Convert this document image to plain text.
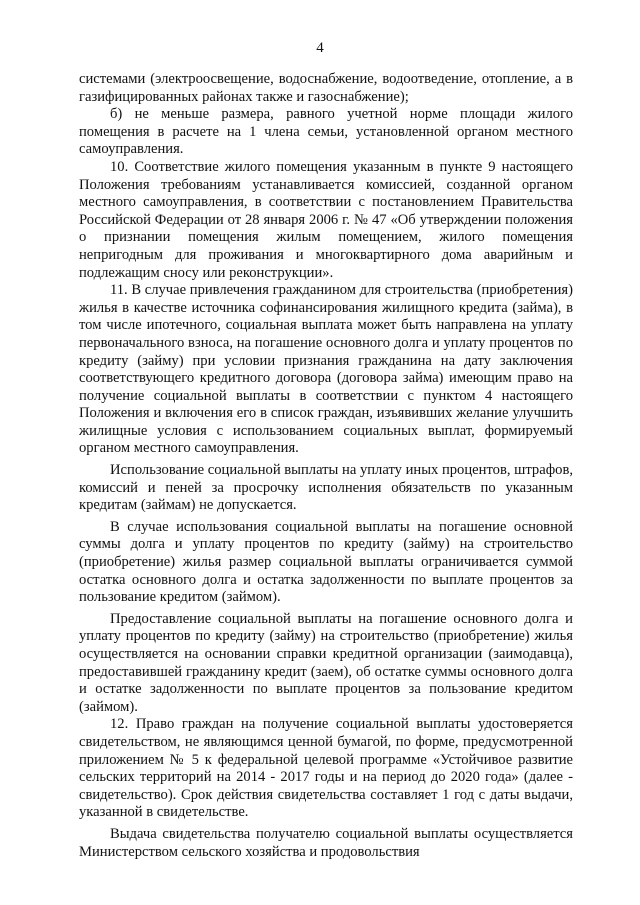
4

системами (электроосвещение, водоснабжение, водоотведение, отопление, а в газифицированных районах также и газоснабжение);

б) не меньше размера, равного учетной норме площади жилого помещения в расчете на 1 члена семьи, установленной органом местного самоуправления.

10. Соответствие жилого помещения указанным в пункте 9 настоящего Положения требованиям устанавливается комиссией, созданной органом местного самоуправления, в соответствии с постановлением Правительства Российской Федерации от 28 января 2006 г. № 47 «Об утверждении положения о признании помещения жилым помещением, жилого помещения непригодным для проживания и многоквартирного дома аварийным и подлежащим сносу или реконструкции».

11. В случае привлечения гражданином для строительства (приобретения) жилья в качестве источника софинансирования жилищного кредита (займа), в том числе ипотечного, социальная выплата может быть направлена на уплату первоначального взноса, на погашение основного долга и уплату процентов по кредиту (займу) при условии признания гражданина на дату заключения соответствующего кредитного договора (договора займа) имеющим право на получение социальной выплаты в соответствии с пунктом 4 настоящего Положения и включения его в список граждан, изъявивших желание улучшить жилищные условия с использованием социальных выплат, формируемый органом местного самоуправления.

Использование социальной выплаты на уплату иных процентов, штрафов, комиссий и пеней за просрочку исполнения обязательств по указанным кредитам (займам) не допускается.

В случае использования социальной выплаты на погашение основной суммы долга и уплату процентов по кредиту (займу) на строительство (приобретение) жилья размер социальной выплаты ограничивается суммой остатка основного долга и остатка задолженности по выплате процентов за пользование кредитом (займом).

Предоставление социальной выплаты на погашение основного долга и уплату процентов по кредиту (займу) на строительство (приобретение) жилья осуществляется на основании справки кредитной организации (заимодавца), предоставившей гражданину кредит (заем), об остатке суммы основного долга и остатке задолженности по выплате процентов за пользование кредитом (займом).

12. Право граждан на получение социальной выплаты удостоверяется свидетельством, не являющимся ценной бумагой, по форме, предусмотренной приложением № 5 к федеральной целевой программе «Устойчивое развитие сельских территорий на 2014 - 2017 годы и на период до 2020 года» (далее - свидетельство). Срок действия свидетельства составляет 1 год с даты выдачи, указанной в свидетельстве.

Выдача свидетельства получателю социальной выплаты осуществляется Министерством сельского хозяйства и продовольствия
